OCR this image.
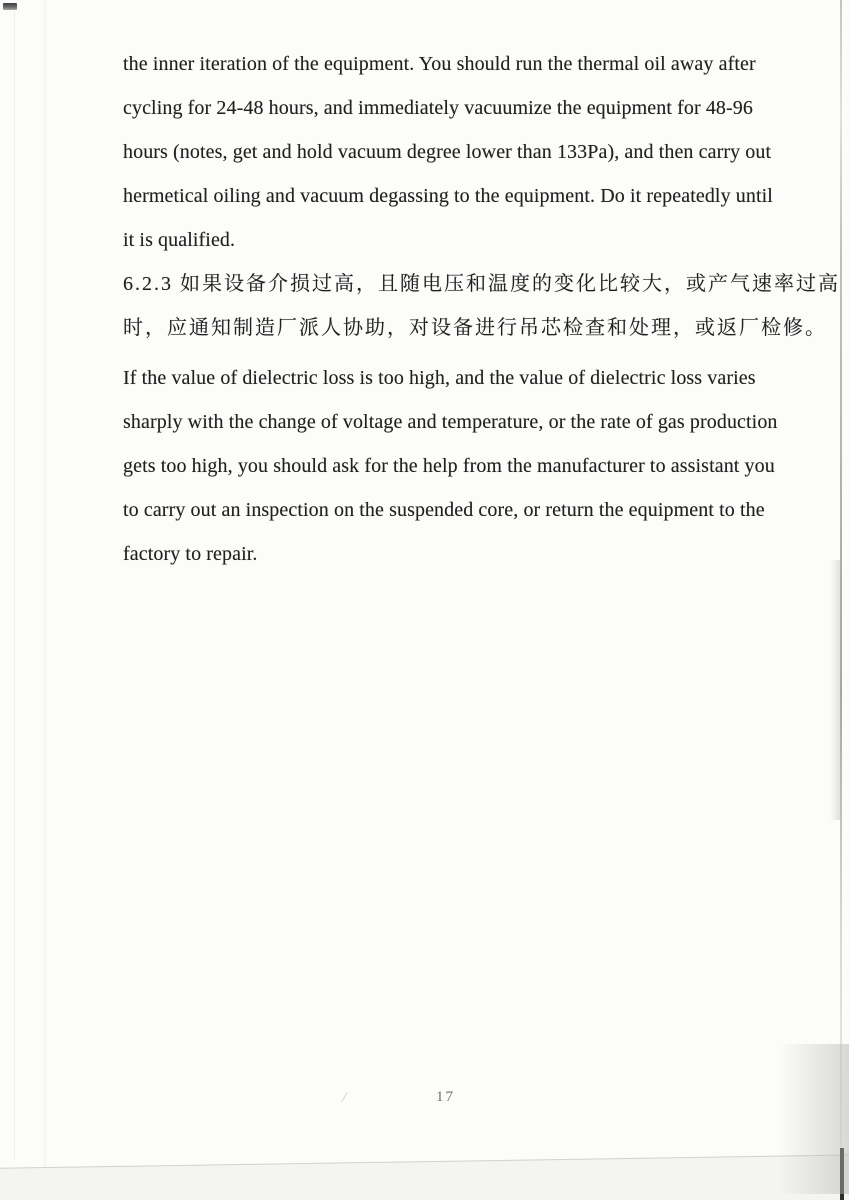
the inner iteration of the equipment. You should run the thermal oil away after
cycling for 24-48 hours, and immediately vacuumize the equipment for 48-96
hours (notes, get and hold vacuum degree lower than 133Pa), and then carry out
hermetical oiling and vacuum degassing to the equipment. Do it repeatedly until
it is qualified.
6.2.3 如果设备介损过高，且随电压和温度的变化比较大，或产气速率过高
时，应通知制造厂派人协助，对设备进行吊芯检查和处理，或返厂检修。
If the value of dielectric loss is too high, and the value of dielectric loss varies
sharply with the change of voltage and temperature, or the rate of gas production
gets too high, you should ask for the help from the manufacturer to assistant you
to carry out an inspection on the suspended core, or return the equipment to the
factory to repair.
/	17
